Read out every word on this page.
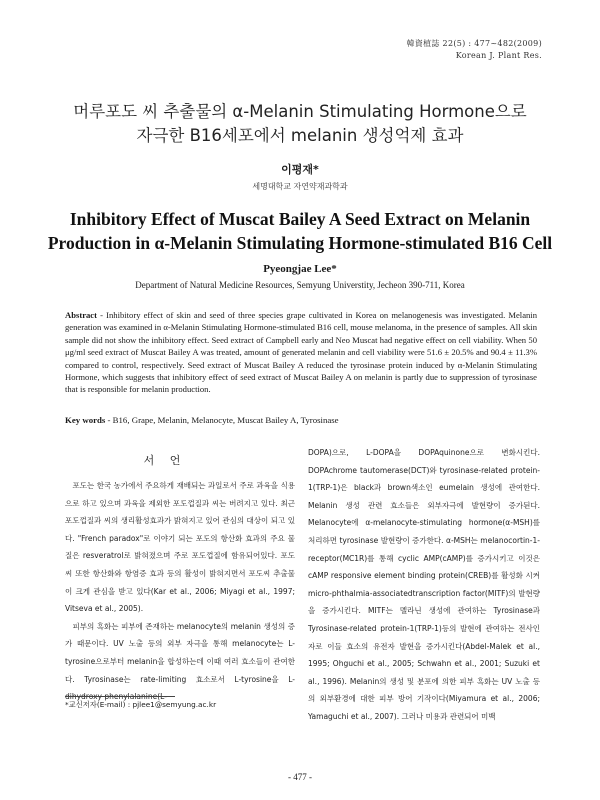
韓資植誌 22(5) : 477~482(2009)
Korean J. Plant Res.
머루포도 씨 추출물의 α-Melanin Stimulating Hormone으로
자극한 B16세포에서 melanin 생성억제 효과
이평재*
세명대학교 자연약재과학과
Inhibitory Effect of Muscat Bailey A Seed Extract on Melanin
Production in α-Melanin Stimulating Hormone-stimulated B16 Cell
Pyeongjae Lee*
Department of Natural Medicine Resources, Semyung Universtity, Jecheon 390-711, Korea
Abstract - Inhibitory effect of skin and seed of three species grape cultivated in Korea on melanogenesis was investigated. Melanin generation was examined in α-Melanin Stimulating Hormone-stimulated B16 cell, mouse melanoma, in the presence of samples. All skin sample did not show the inhibitory effect. Seed extract of Campbell early and Neo Muscat had negative effect on cell viability. When 50 μg/ml seed extract of Muscat Bailey A was treated, amount of generated melanin and cell viability were 51.6 ± 20.5% and 90.4 ± 11.3% compared to control, respectively. Seed extract of Muscat Bailey A reduced the tyrosinase protein induced by α-Melanin Stimulating Hormone, which suggests that inhibitory effect of seed extract of Muscat Bailey A on melanin is partly due to suppression of tyrosinase that is responsible for melanin production.
Key words - B16, Grape, Melanin, Melanocyte, Muscat Bailey A, Tyrosinase
서 언

포도는 한국 농가에서 주요하게 재배되는 과일로서 주로 과육을 식용으로 하고 있으며 과육을 제외한 포도껍질과 씨는 버려지고 있다. 최근 포도껍질과 씨의 생리활성효과가 밝혀지고 있어 관심의 대상이 되고 있다. "French paradox"로 이야기 되는 포도의 항산화 효과의 주요 물질은 resveratrol로 밝혀졌으며 주로 포도껍질에 함유되어있다. 포도씨 또한 항산화와 항염증 효과 등의 활성이 밝혀지면서 포도씨 추출물이 크게 관심을 받고 있다(Kar et al., 2006; Miyagi et al., 1997; Vitseva et al., 2005).

피부의 흑화는 피부에 존재하는 melanocyte의 melanin 생성의 증가 때문이다. UV 노출 등의 외부 자극을 통해 melanocyte는 L-tyrosine으로부터 melanin을 합성하는데 이때 여러 효소들이 관여한다. Tyrosinase는 rate-limiting 효소로서 L-tyrosine을 L-dihydroxy phenylalanine(L-

DOPA)으로, L-DOPA을 DOPAquinone으로 변화시킨다. DOPAchrome tautomerase(DCT)와 tyrosinase-related protein-1(TRP-1)은 black과 brown색소인 eumelain 생성에 관여한다. Melanin 생성 관련 효소들은 외부자극에 발현량이 증가된다. Melanocyte에 α-melanocyte-stimulating hormone(α-MSH)를 처리하면 tyrosinase 발현량이 증가한다. α-MSH는 melanocortin-1-receptor(MC1R)를 통해 cyclic AMP(cAMP)를 증가시키고 이것은 cAMP responsive element binding protein(CREB)를 활성화 시켜 micro-phthalmia-associatedtranscription factor(MITF)의 발현량을 증가시킨다. MITF는 멜라닌 생성에 관여하는 Tyrosinase과 Tyrosinase-related protein-1(TRP-1)등의 발현에 관여하는 전사인자로 이들 효소의 유전자 발현을 증가시킨다(Abdel-Malek et al., 1995; Ohguchi et al., 2005; Schwahn et al., 2001; Suzuki et al., 1996). Melanin의 생성 및 분포에 의한 피부 흑화는 UV 노출 등의 외부환경에 대한 피부 방어 기작이다(Miyamura et al., 2006; Yamaguchi et al., 2007). 그러나 미용과 관련되어 미백

*교신저자(E-mail) : pjlee1@semyung.ac.kr
- 477 -
